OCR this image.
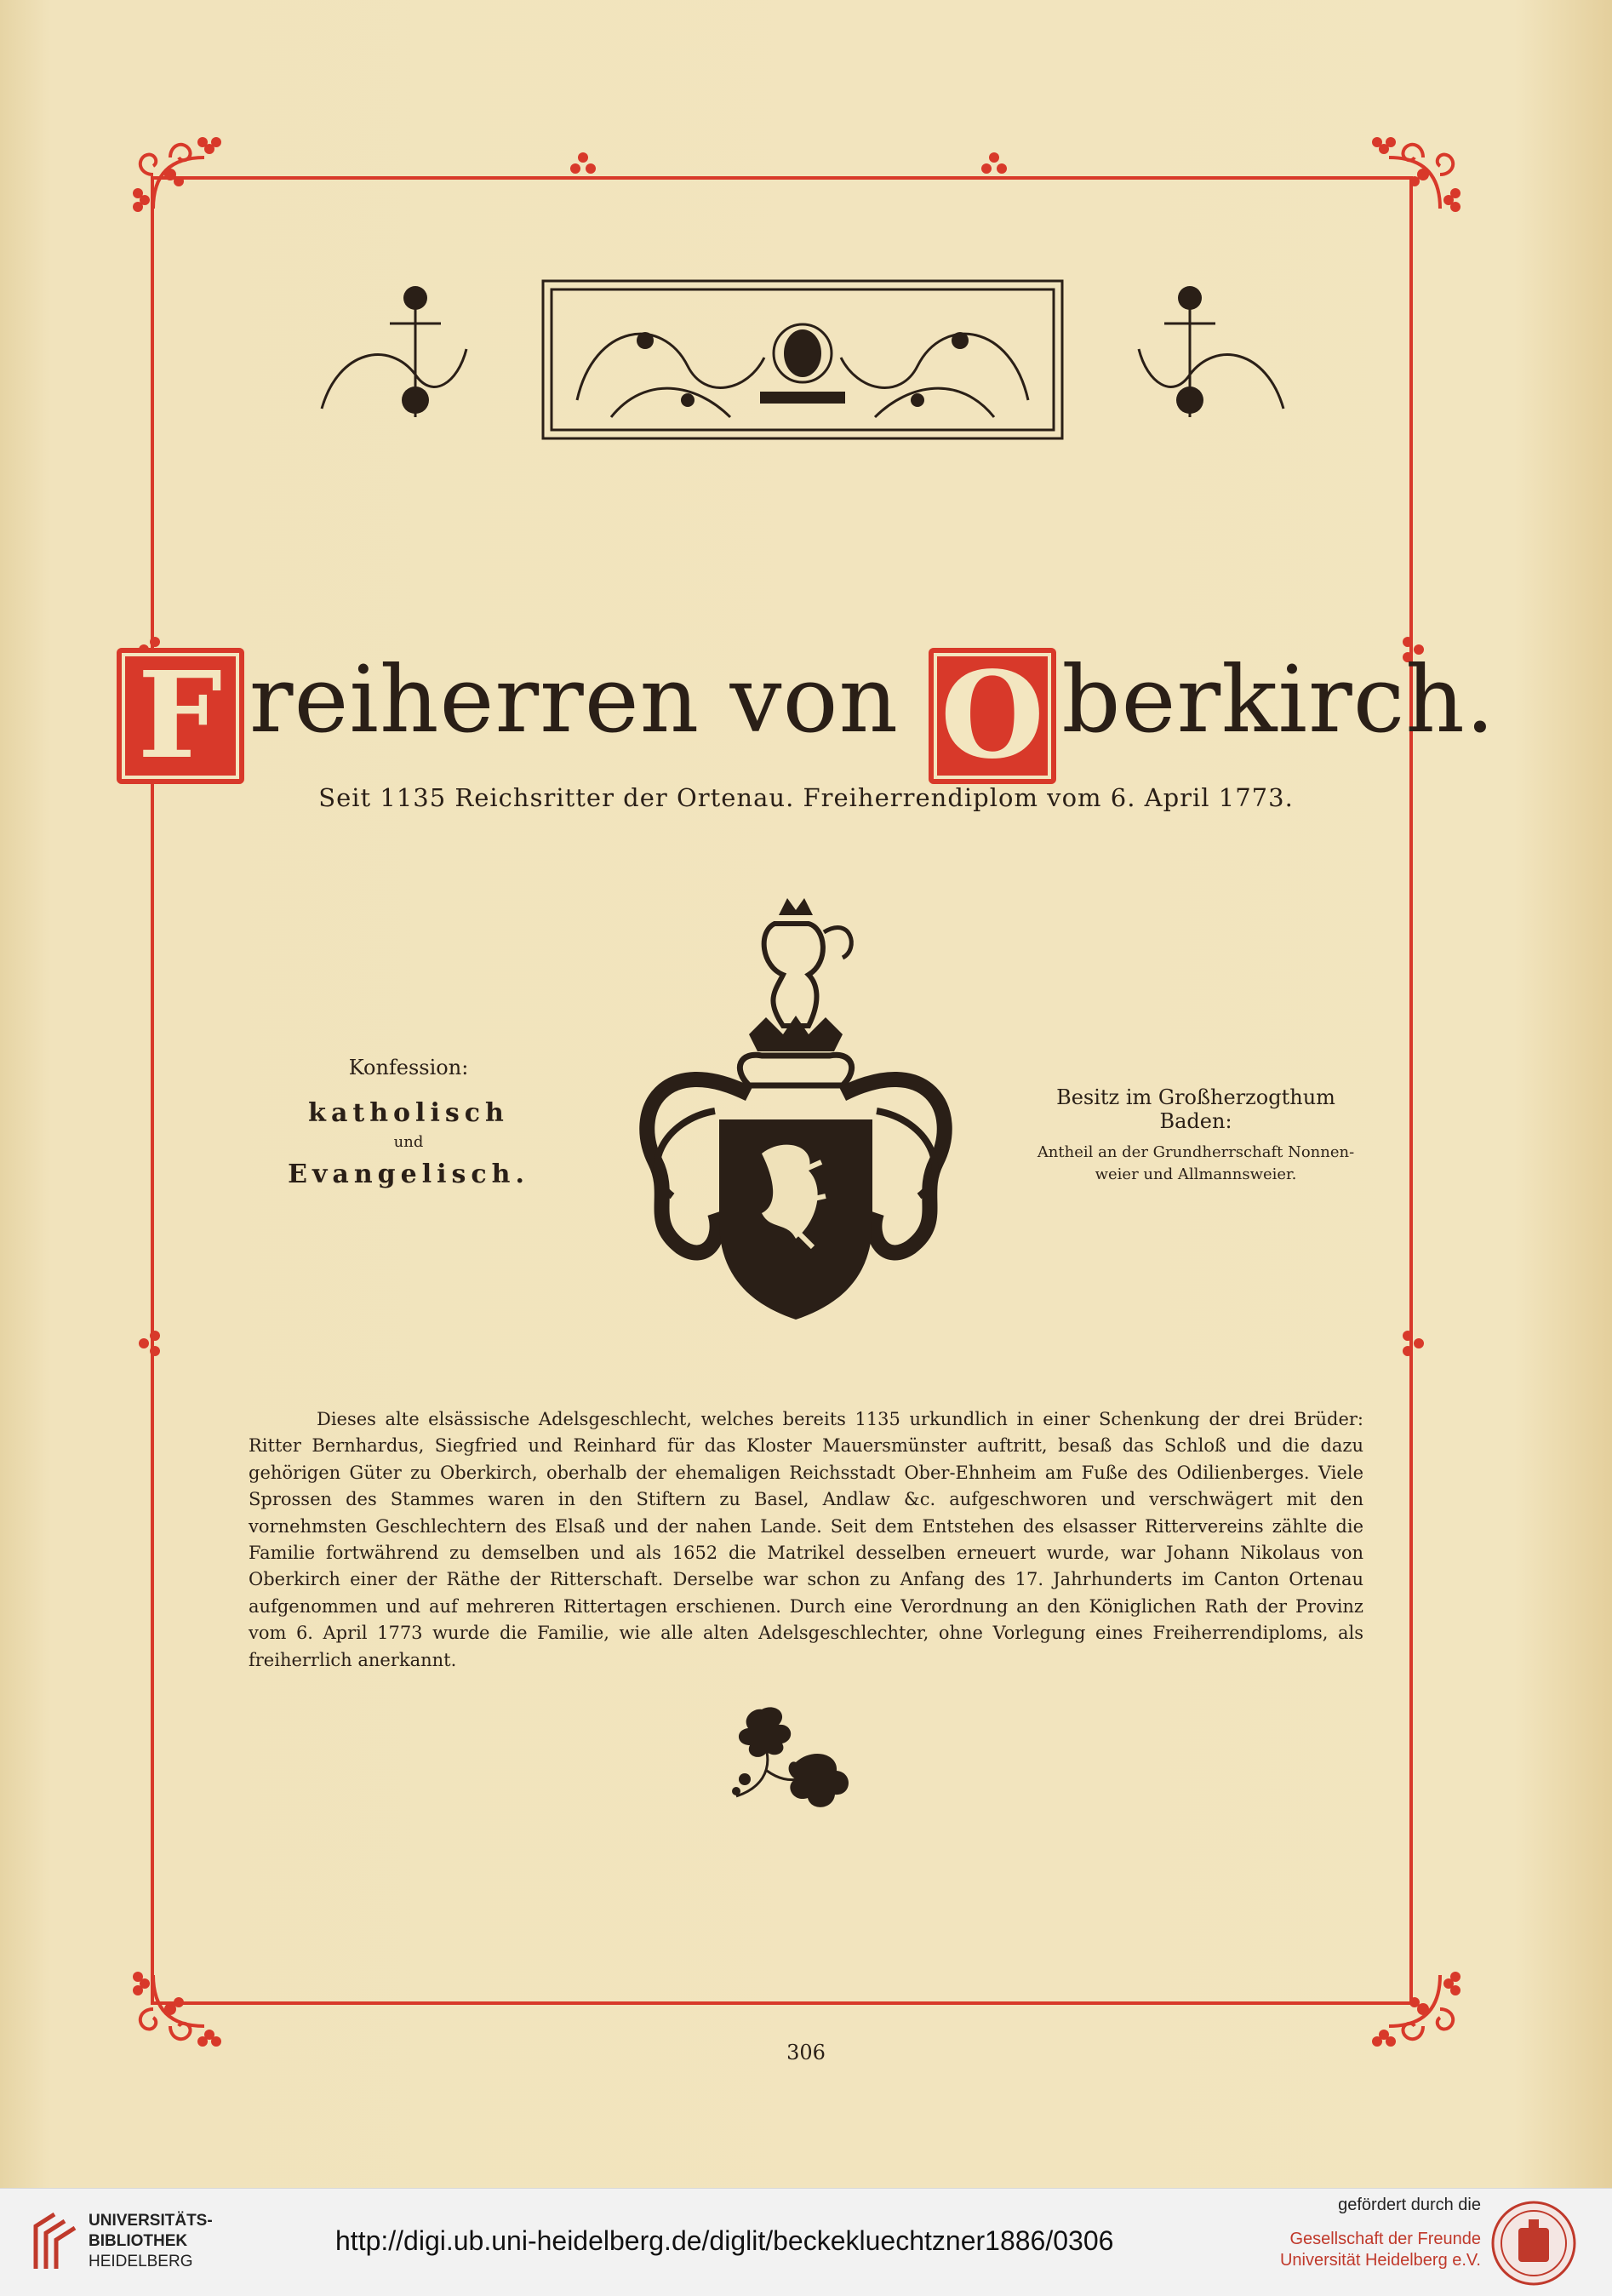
F reiherren von O berkirch.
Seit 1135 Reichsritter der Ortenau. Freiherrendiplom vom 6. April 1773.
Konfession:
katholisch
und
Evangelisch.
Besitz im Großherzogthum Baden:
Antheil an der Grundherrschaft Nonnen-weier und Allmannsweier.
Dieses alte elsässische Adelsgeschlecht, welches bereits 1135 urkundlich in einer Schenkung der drei Brüder: Ritter Bernhardus, Siegfried und Reinhard für das Kloster Mauersmünster auftritt, besaß das Schloß und die dazu gehörigen Güter zu Oberkirch, oberhalb der ehemaligen Reichsstadt Ober-Ehnheim am Fuße des Odilienberges. Viele Sprossen des Stammes waren in den Stiftern zu Basel, Andlaw &c. aufgeschworen und verschwägert mit den vornehmsten Geschlechtern des Elsaß und der nahen Lande. Seit dem Entstehen des elsasser Rittervereins zählte die Familie fortwährend zu demselben und als 1652 die Matrikel desselben erneuert wurde, war Johann Nikolaus von Oberkirch einer der Räthe der Ritterschaft. Derselbe war schon zu Anfang des 17. Jahrhunderts im Canton Ortenau aufgenommen und auf mehreren Rittertagen erschienen. Durch eine Verordnung an den Königlichen Rath der Provinz vom 6. April 1773 wurde die Familie, wie alle alten Adelsgeschlechter, ohne Vorlegung eines Freiherrendiploms, als freiherrlich anerkannt.
306
UNIVERSITÄTS-
BIBLIOTHEK
HEIDELBERG
http://digi.ub.uni-heidelberg.de/diglit/beckekluechtzner1886/0306
gefördert durch die
Gesellschaft der Freunde
Universität Heidelberg e.V.
